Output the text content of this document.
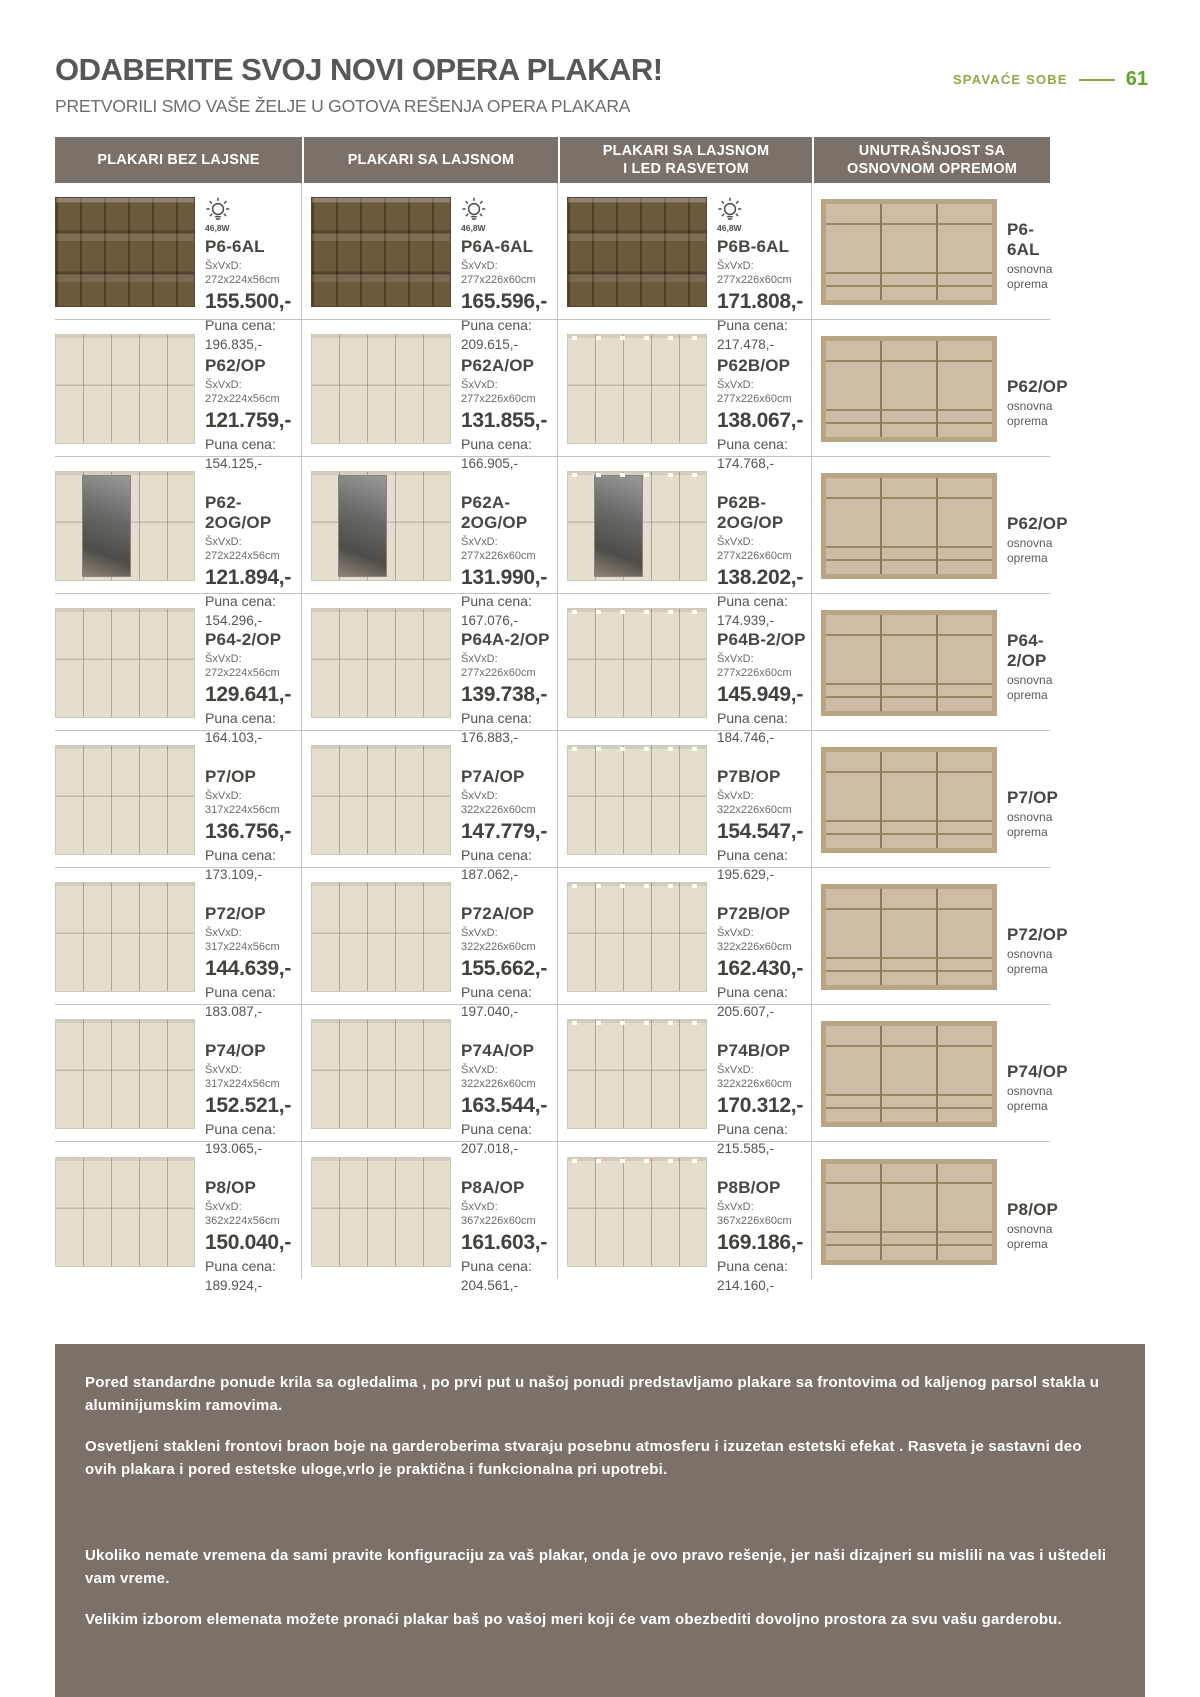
SPAVAĆE SOBE	61
ODABERITE SVOJ NOVI OPERA PLAKAR!

PRETVORILI SMO VAŠE ŽELJE U GOTOVA REŠENJA OPERA PLAKARA

PLAKARI BEZ LAJSNE	PLAKARI SA LAJSNOM
PLAKARI SA LAJSNOM
I LED RASVETOM
UNUTRAŠNJOST SA
OSNOVNOM OPREMOM
46,8W
P6-6AL
ŠxVxD:
272x224x56cm
155.500,-
Puna cena:
196.835,-
46,8W
P6A-6AL
ŠxVxD:
277x226x60cm
165.596,-
Puna cena:
209.615,-
46,8W
P6B-6AL
ŠxVxD:
277x226x60cm
171.808,-
Puna cena:
217.478,-
P6-6AL
osnovna oprema
P62/OP
ŠxVxD:
272x224x56cm
121.759,-
Puna cena:
154.125,-
P62A/OP
ŠxVxD:
277x226x60cm
131.855,-
Puna cena:
166.905,-
P62B/OP
ŠxVxD:
277x226x60cm
138.067,-
Puna cena:
174.768,-
P62/OP
osnovna oprema
P62-2OG/OP
ŠxVxD:
272x224x56cm
121.894,-
Puna cena:
154.296,-
P62A-2OG/OP
ŠxVxD:
277x226x60cm
131.990,-
Puna cena:
167.076,-
P62B-2OG/OP
ŠxVxD:
277x226x60cm
138.202,-
Puna cena:
174.939,-
P62/OP
osnovna oprema
P64-2/OP
ŠxVxD:
272x224x56cm
129.641,-
Puna cena:
164.103,-
P64A-2/OP
ŠxVxD:
277x226x60cm
139.738,-
Puna cena:
176.883,-
P64B-2/OP
ŠxVxD:
277x226x60cm
145.949,-
Puna cena:
184.746,-
P64-2/OP
osnovna oprema
P7/OP
ŠxVxD:
317x224x56cm
136.756,-
Puna cena:
173.109,-
P7A/OP
ŠxVxD:
322x226x60cm
147.779,-
Puna cena:
187.062,-
P7B/OP
ŠxVxD:
322x226x60cm
154.547,-
Puna cena:
195.629,-
P7/OP
osnovna oprema
P72/OP
ŠxVxD:
317x224x56cm
144.639,-
Puna cena:
183.087,-
P72A/OP
ŠxVxD:
322x226x60cm
155.662,-
Puna cena:
197.040,-
P72B/OP
ŠxVxD:
322x226x60cm
162.430,-
Puna cena:
205.607,-
P72/OP
osnovna oprema
P74/OP
ŠxVxD:
317x224x56cm
152.521,-
Puna cena:
193.065,-
P74A/OP
ŠxVxD:
322x226x60cm
163.544,-
Puna cena:
207.018,-
P74B/OP
ŠxVxD:
322x226x60cm
170.312,-
Puna cena:
215.585,-
P74/OP
osnovna oprema
P8/OP
ŠxVxD:
362x224x56cm
150.040,-
Puna cena:
189.924,-
P8A/OP
ŠxVxD:
367x226x60cm
161.603,-
Puna cena:
204.561,-
P8B/OP
ŠxVxD:
367x226x60cm
169.186,-
Puna cena:
214.160,-
P8/OP
osnovna oprema

Pored standardne ponude krila sa ogledalima , po prvi put u našoj ponudi predstavljamo plakare sa frontovima od kaljenog parsol stakla u aluminijumskim ramovima.

Osvetljeni stakleni frontovi braon boje na garderoberima stvaraju posebnu atmosferu i izuzetan estetski efekat . Rasveta je sastavni deo ovih plakara i pored estetske uloge,vrlo je praktična i funkcionalna pri upotrebi.

Ukoliko nemate vremena da sami pravite konfiguraciju za vaš plakar, onda je ovo pravo rešenje, jer naši dizajneri su mislili na vas i uštedeli vam vreme.

Velikim izborom elemenata možete pronaći plakar baš po vašoj meri koji će vam obezbediti dovoljno prostora za svu vašu garderobu.
